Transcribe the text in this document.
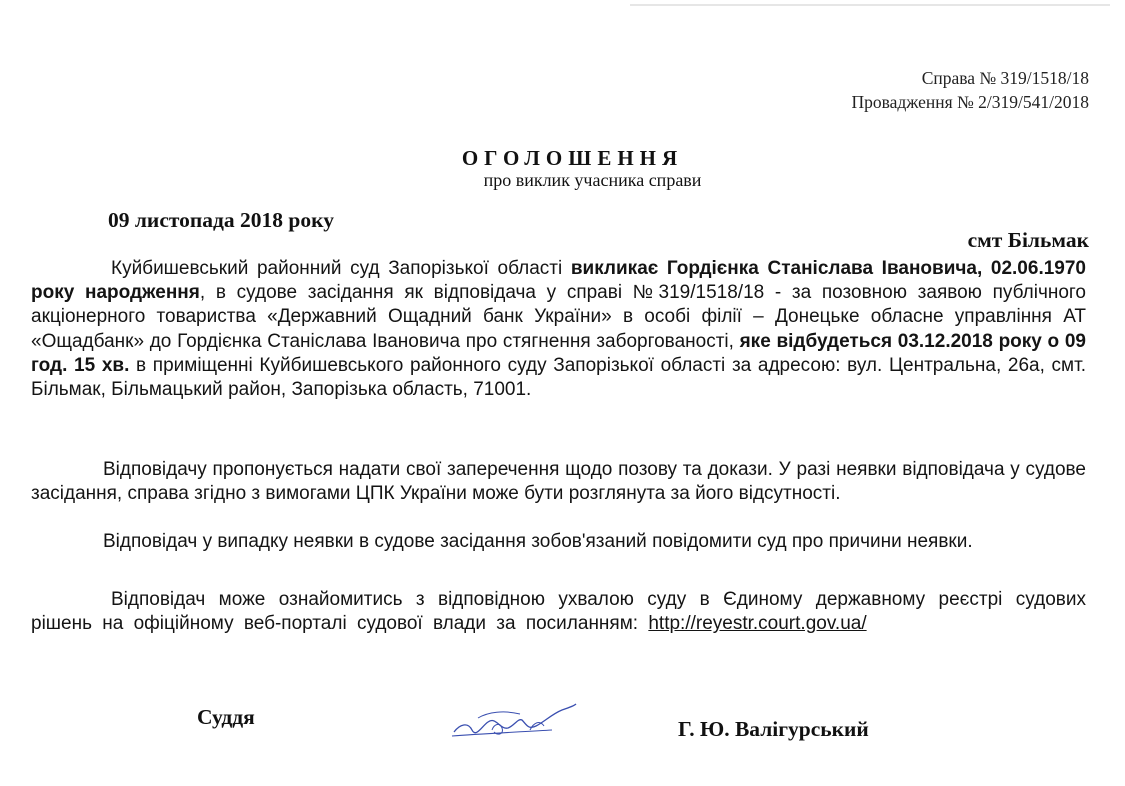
Справа № 319/1518/18
Провадження № 2/319/541/2018
ОГОЛОШЕННЯ
про виклик учасника справи
09 листопада 2018 року
смт Більмак
Куйбишевський районний суд Запорізької області викликає Гордієнка Станіслава Івановича, 02.06.1970 року народження, в судове засідання як відповідача у справі №319/1518/18 - за позовною заявою публічного акціонерного товариства «Державний Ощадний банк України» в особі філії – Донецьке обласне управління АТ «Ощадбанк» до Гордієнка Станіслава Івановича про стягнення заборгованості, яке відбудеться 03.12.2018 року о 09 год. 15 хв. в приміщенні Куйбишевського районного суду Запорізької області за адресою: вул. Центральна, 26а, смт. Більмак, Більмацький район, Запорізька область, 71001.
Відповідачу пропонується надати свої заперечення щодо позову та докази. У разі неявки відповідача у судове засідання, справа згідно з вимогами ЦПК України може бути розглянута за його відсутності.
Відповідач у випадку неявки в судове засідання зобов'язаний повідомити суд про причини неявки.
Відповідач може ознайомитись з відповідною ухвалою суду в Єдиному державному реєстрі судових рішень на офіційному веб-порталі судової влади за посиланням: http://reyestr.court.gov.ua/
Суддя	Г. Ю. Валігурський
